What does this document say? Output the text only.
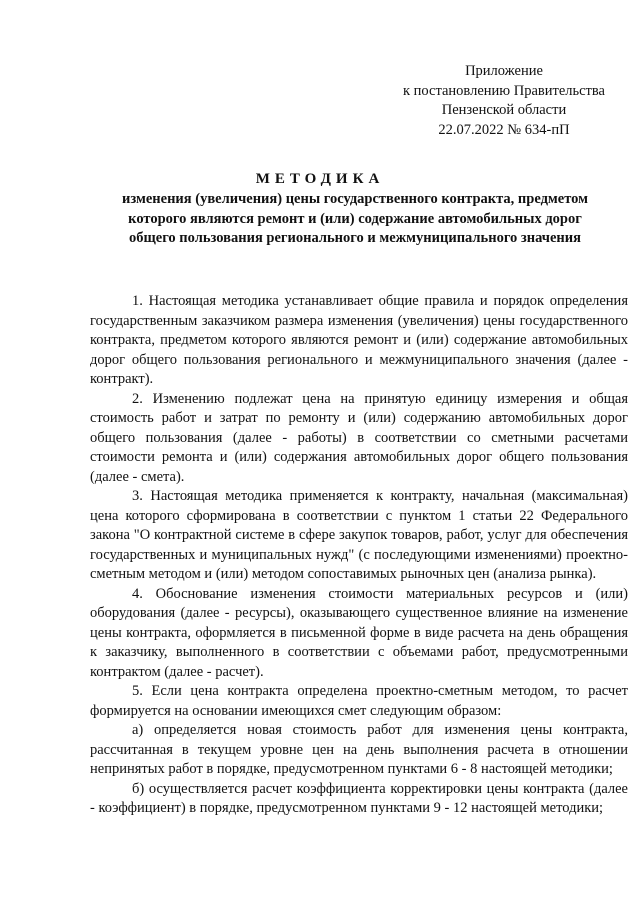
Приложение
к постановлению Правительства
Пензенской области
22.07.2022 № 634-пП
МЕТОДИКА
изменения (увеличения) цены государственного контракта, предметом которого являются ремонт и (или) содержание автомобильных дорог общего пользования регионального и межмуниципального значения

1. Настоящая методика устанавливает общие правила и порядок определения государственным заказчиком размера изменения (увеличения) цены государственного контракта, предметом которого являются ремонт и (или) содержание автомобильных дорог общего пользования регионального и межмуниципального значения (далее - контракт).

2. Изменению подлежат цена на принятую единицу измерения и общая стоимость работ и затрат по ремонту и (или) содержанию автомобильных дорог общего пользования (далее - работы) в соответствии со сметными расчетами стоимости ремонта и (или) содержания автомобильных дорог общего пользования (далее - смета).

3. Настоящая методика применяется к контракту, начальная (максимальная) цена которого сформирована в соответствии с пунктом 1 статьи 22 Федерального закона "О контрактной системе в сфере закупок товаров, работ, услуг для обеспечения государственных и муниципальных нужд" (с последующими изменениями) проектно-сметным методом и (или) методом сопоставимых рыночных цен (анализа рынка).

4. Обоснование изменения стоимости материальных ресурсов и (или) оборудования (далее - ресурсы), оказывающего существенное влияние на изменение цены контракта, оформляется в письменной форме в виде расчета на день обращения к заказчику, выполненного в соответствии с объемами работ, предусмотренными контрактом (далее - расчет).

5. Если цена контракта определена проектно-сметным методом, то расчет формируется на основании имеющихся смет следующим образом:

а) определяется новая стоимость работ для изменения цены контракта, рассчитанная в текущем уровне цен на день выполнения расчета в отношении непринятых работ в порядке, предусмотренном пунктами 6 - 8 настоящей методики;

б) осуществляется расчет коэффициента корректировки цены контракта (далее - коэффициент) в порядке, предусмотренном пунктами 9 - 12 настоящей методики;
